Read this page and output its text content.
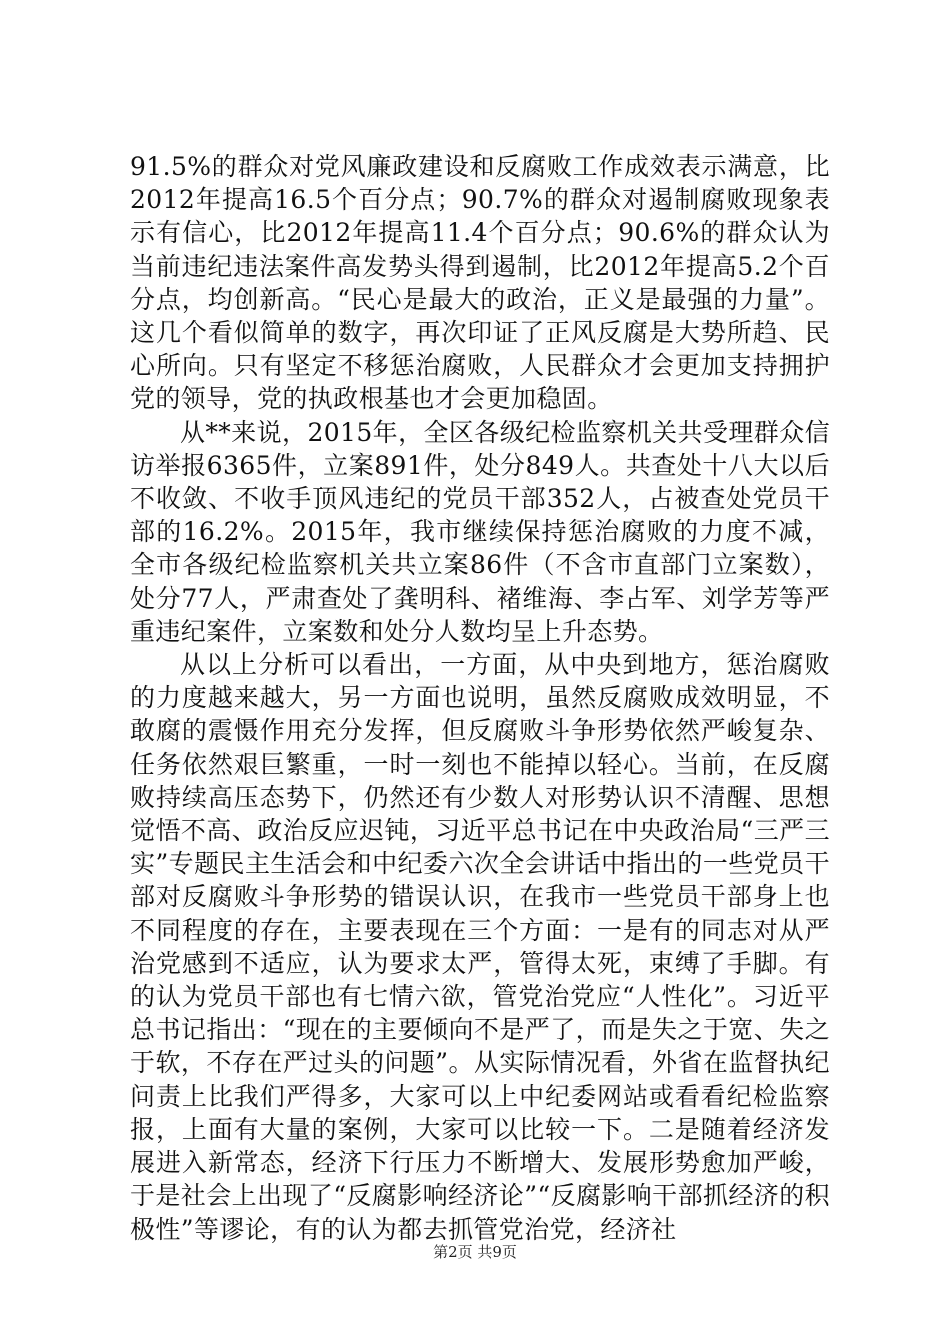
91.5%的群众对党风廉政建设和反腐败工作成效表示满意，比2012年提高16.5个百分点；90.7%的群众对遏制腐败现象表示有信心，比2012年提高11.4个百分点；90.6%的群众认为当前违纪违法案件高发势头得到遏制，比2012年提高5.2个百分点，均创新高。“民心是最大的政治，正义是最强的力量”。这几个看似简单的数字，再次印证了正风反腐是大势所趋、民心所向。只有坚定不移惩治腐败，人民群众才会更加支持拥护党的领导，党的执政根基也才会更加稳固。

从**来说，2015年，全区各级纪检监察机关共受理群众信访举报6365件，立案891件，处分849人。共查处十八大以后不收敛、不收手顶风违纪的党员干部352人，占被查处党员干部的16.2%。2015年，我市继续保持惩治腐败的力度不减，全市各级纪检监察机关共立案86件（不含市直部门立案数），处分77人，严肃查处了龚明科、褚维海、李占军、刘学芳等严重违纪案件，立案数和处分人数均呈上升态势。

从以上分析可以看出，一方面，从中央到地方，惩治腐败的力度越来越大，另一方面也说明，虽然反腐败成效明显，不敢腐的震慑作用充分发挥，但反腐败斗争形势依然严峻复杂、任务依然艰巨繁重，一时一刻也不能掉以轻心。当前，在反腐败持续高压态势下，仍然还有少数人对形势认识不清醒、思想觉悟不高、政治反应迟钝，习近平总书记在中央政治局“三严三实”专题民主生活会和中纪委六次全会讲话中指出的一些党员干部对反腐败斗争形势的错误认识，在我市一些党员干部身上也不同程度的存在，主要表现在三个方面：一是有的同志对从严治党感到不适应，认为要求太严，管得太死，束缚了手脚。有的认为党员干部也有七情六欲，管党治党应“人性化”。习近平总书记指出：“现在的主要倾向不是严了，而是失之于宽、失之于软，不存在严过头的问题”。从实际情况看，外省在监督执纪问责上比我们严得多，大家可以上中纪委网站或看看纪检监察报，上面有大量的案例，大家可以比较一下。二是随着经济发展进入新常态，经济下行压力不断增大、发展形势愈加严峻，于是社会上出现了“反腐影响经济论”“反腐影响干部抓经济的积极性”等谬论，有的认为都去抓管党治党，经济社

第2页 共9页
